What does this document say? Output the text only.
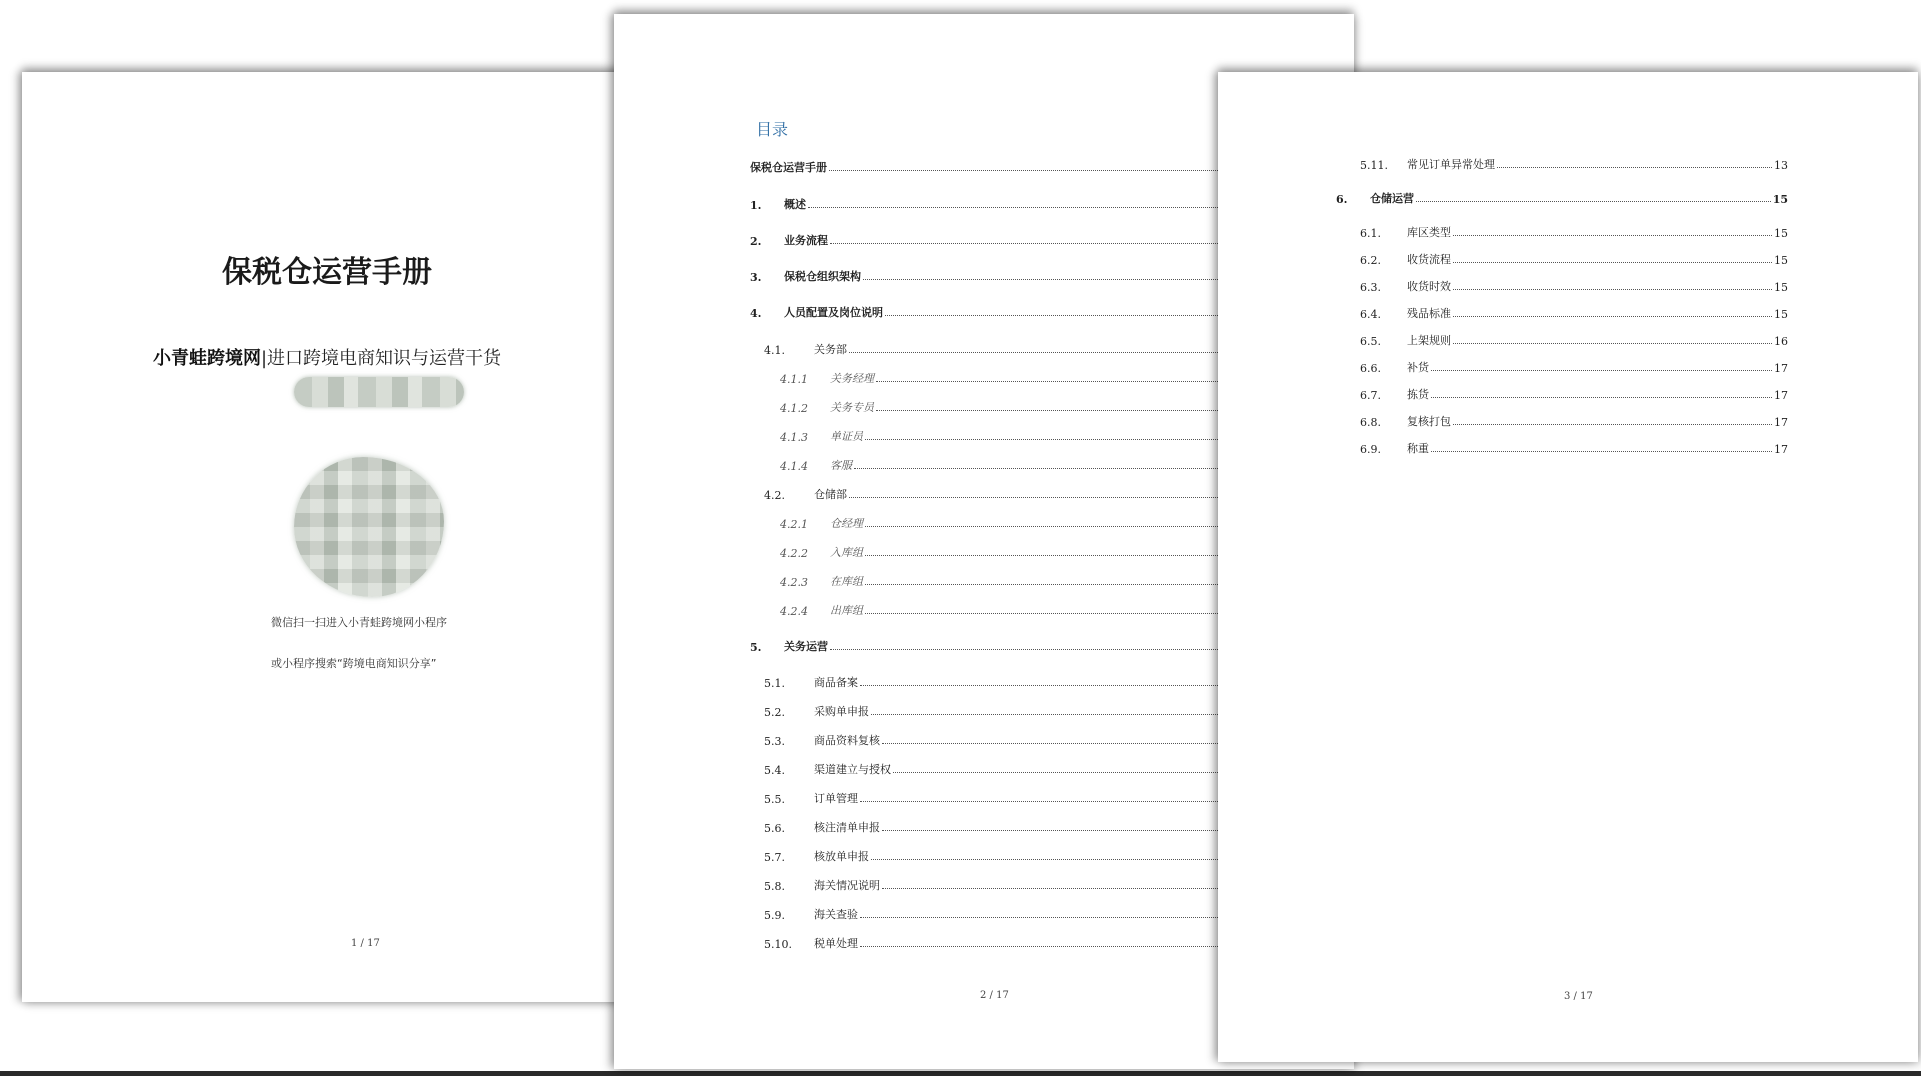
保税仓运营手册
小青蛙跨境网|进口跨境电商知识与运营干货
微信扫一扫进入小青蛙跨境网小程序
或小程序搜索“跨境电商知识分享”
1 / 17
目录
保税仓运营手册
1.	概述
2.	业务流程
3.	保税仓组织架构
4.	人员配置及岗位说明
4.1.	关务部
4.1.1	关务经理
4.1.2	关务专员
4.1.3	单证员
4.1.4	客服
4.2.	仓储部
4.2.1	仓经理
4.2.2	入库组
4.2.3	在库组
4.2.4	出库组
5.	关务运营
5.1.	商品备案
5.2.	采购单申报
5.3.	商品资料复核
5.4.	渠道建立与授权
5.5.	订单管理
5.6.	核注清单申报
5.7.	核放单申报
5.8.	海关情况说明
5.9.	海关查验
5.10.	税单处理
2 / 17
5.11.	常见订单异常处理	13
6.	仓储运营	15
6.1.	库区类型	15
6.2.	收货流程	15
6.3.	收货时效	15
6.4.	残品标准	15
6.5.	上架规则	16
6.6.	补货	17
6.7.	拣货	17
6.8.	复核打包	17
6.9.	称重	17
3 / 17
